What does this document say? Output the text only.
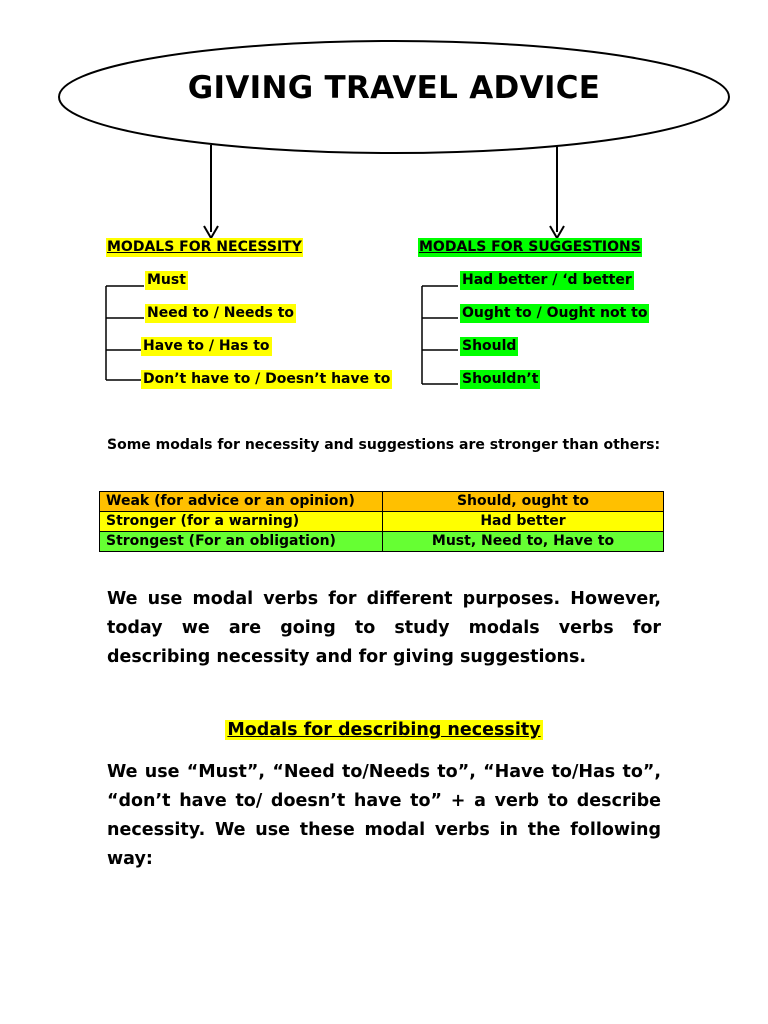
GIVING TRAVEL ADVICE
MODALS FOR NECESSITY	MODALS FOR SUGGESTIONS
Must
Need to / Needs to
Have to / Has to
Don’t have to / Doesn’t have to
Had better / ‘d better
Ought to / Ought not to
Should
Shouldn’t
Some modals for necessity and suggestions are stronger than others:
Weak (for advice or an opinion)	Should, ought to
Stronger (for a warning)	Had better
Strongest (For an obligation)	Must, Need to, Have to
We use modal verbs for different purposes. However, today we are going to study modals verbs for describing necessity and for giving suggestions.
Modals for describing necessity
We use “Must”, “Need to/Needs to”, “Have to/Has to”, “don’t have to/ doesn’t have to” + a verb to describe necessity. We use these modal verbs in the following way:
